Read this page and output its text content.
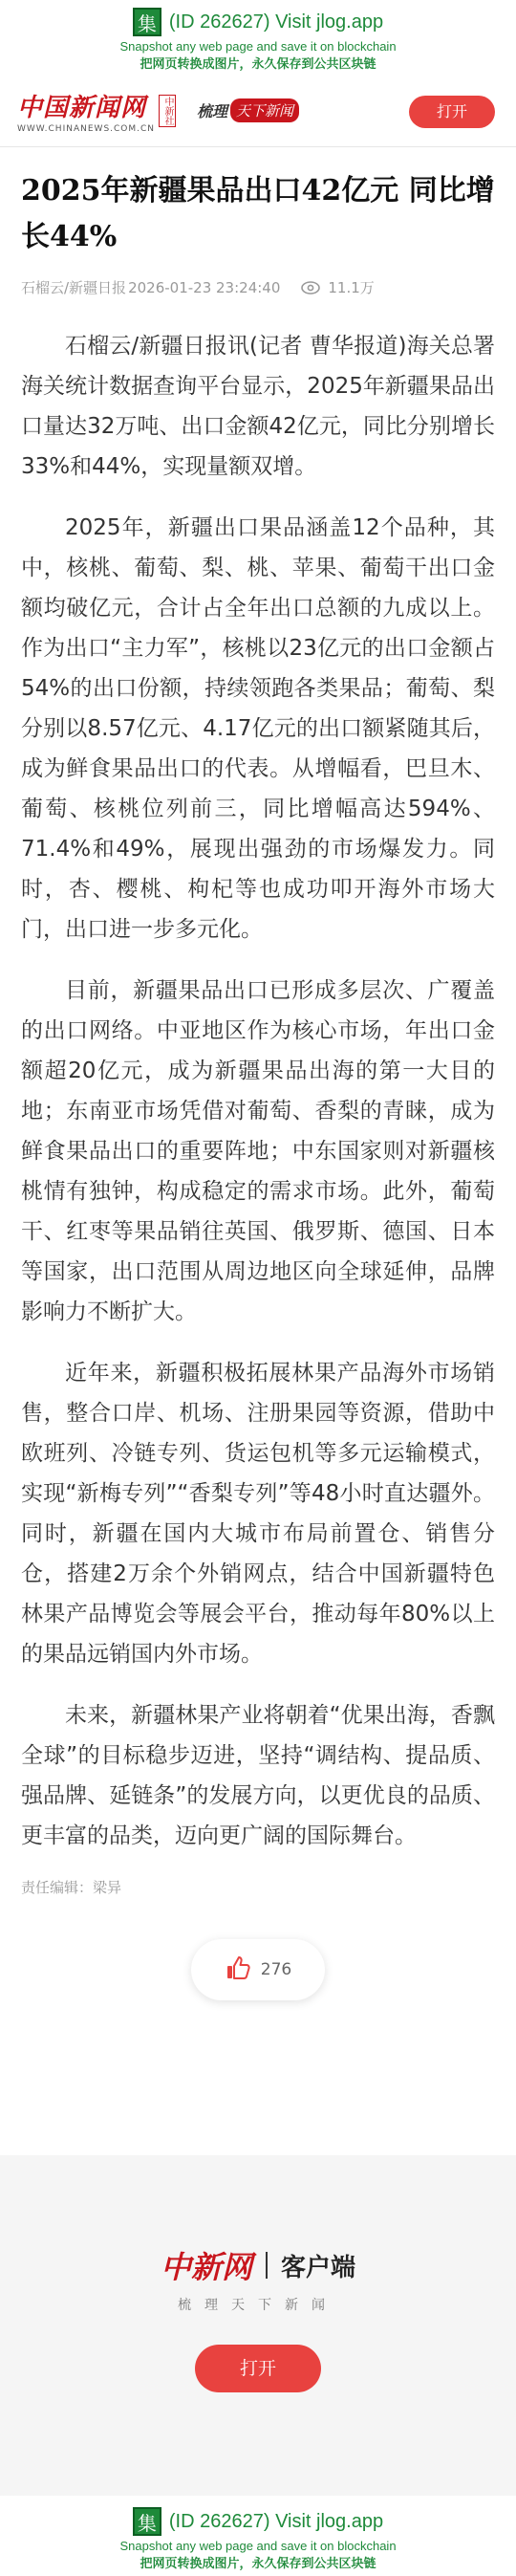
集 (ID 262627) Visit jlog.app
Snapshot any web page and save it on blockchain
把网页转换成图片，永久保存到公共区块链
中国新闻网
WWW.CHINANEWS.COM.CN
中新社 梳理 天下新闻	打开
2025年新疆果品出口42亿元 同比增长44%
石榴云/新疆日报 2026-01-23 23:24:40	11.1万

石榴云/新疆日报讯(记者 曹华报道)海关总署海关统计数据查询平台显示，2025年新疆果品出口量达32万吨、出口金额42亿元，同比分别增长33%和44%，实现量额双增。

2025年，新疆出口果品涵盖12个品种，其中，核桃、葡萄、梨、桃、苹果、葡萄干出口金额均破亿元，合计占全年出口总额的九成以上。作为出口“主力军”，核桃以23亿元的出口金额占54%的出口份额，持续领跑各类果品；葡萄、梨分别以8.57亿元、4.17亿元的出口额紧随其后，成为鲜食果品出口的代表。从增幅看，巴旦木、葡萄、核桃位列前三，同比增幅高达594%、71.4%和49%，展现出强劲的市场爆发力。同时，杏、樱桃、枸杞等也成功叩开海外市场大门，出口进一步多元化。

目前，新疆果品出口已形成多层次、广覆盖的出口网络。中亚地区作为核心市场，年出口金额超20亿元，成为新疆果品出海的第一大目的地；东南亚市场凭借对葡萄、香梨的青睐，成为鲜食果品出口的重要阵地；中东国家则对新疆核桃情有独钟，构成稳定的需求市场。此外，葡萄干、红枣等果品销往英国、俄罗斯、德国、日本等国家，出口范围从周边地区向全球延伸，品牌影响力不断扩大。

近年来，新疆积极拓展林果产品海外市场销售，整合口岸、机场、注册果园等资源，借助中欧班列、冷链专列、货运包机等多元运输模式，实现“新梅专列”“香梨专列”等48小时直达疆外。同时，新疆在国内大城市布局前置仓、销售分仓，搭建2万余个外销网点，结合中国新疆特色林果产品博览会等展会平台，推动每年80%以上的果品远销国内外市场。

未来，新疆林果产业将朝着“优果出海，香飘全球”的目标稳步迈进，坚持“调结构、提品质、强品牌、延链条”的发展方向，以更优良的品质、更丰富的品类，迈向更广阔的国际舞台。

责任编辑：梁异
276
中新网 客户端
梳理天下新闻
打开
集 (ID 262627) Visit jlog.app
Snapshot any web page and save it on blockchain
把网页转换成图片，永久保存到公共区块链
